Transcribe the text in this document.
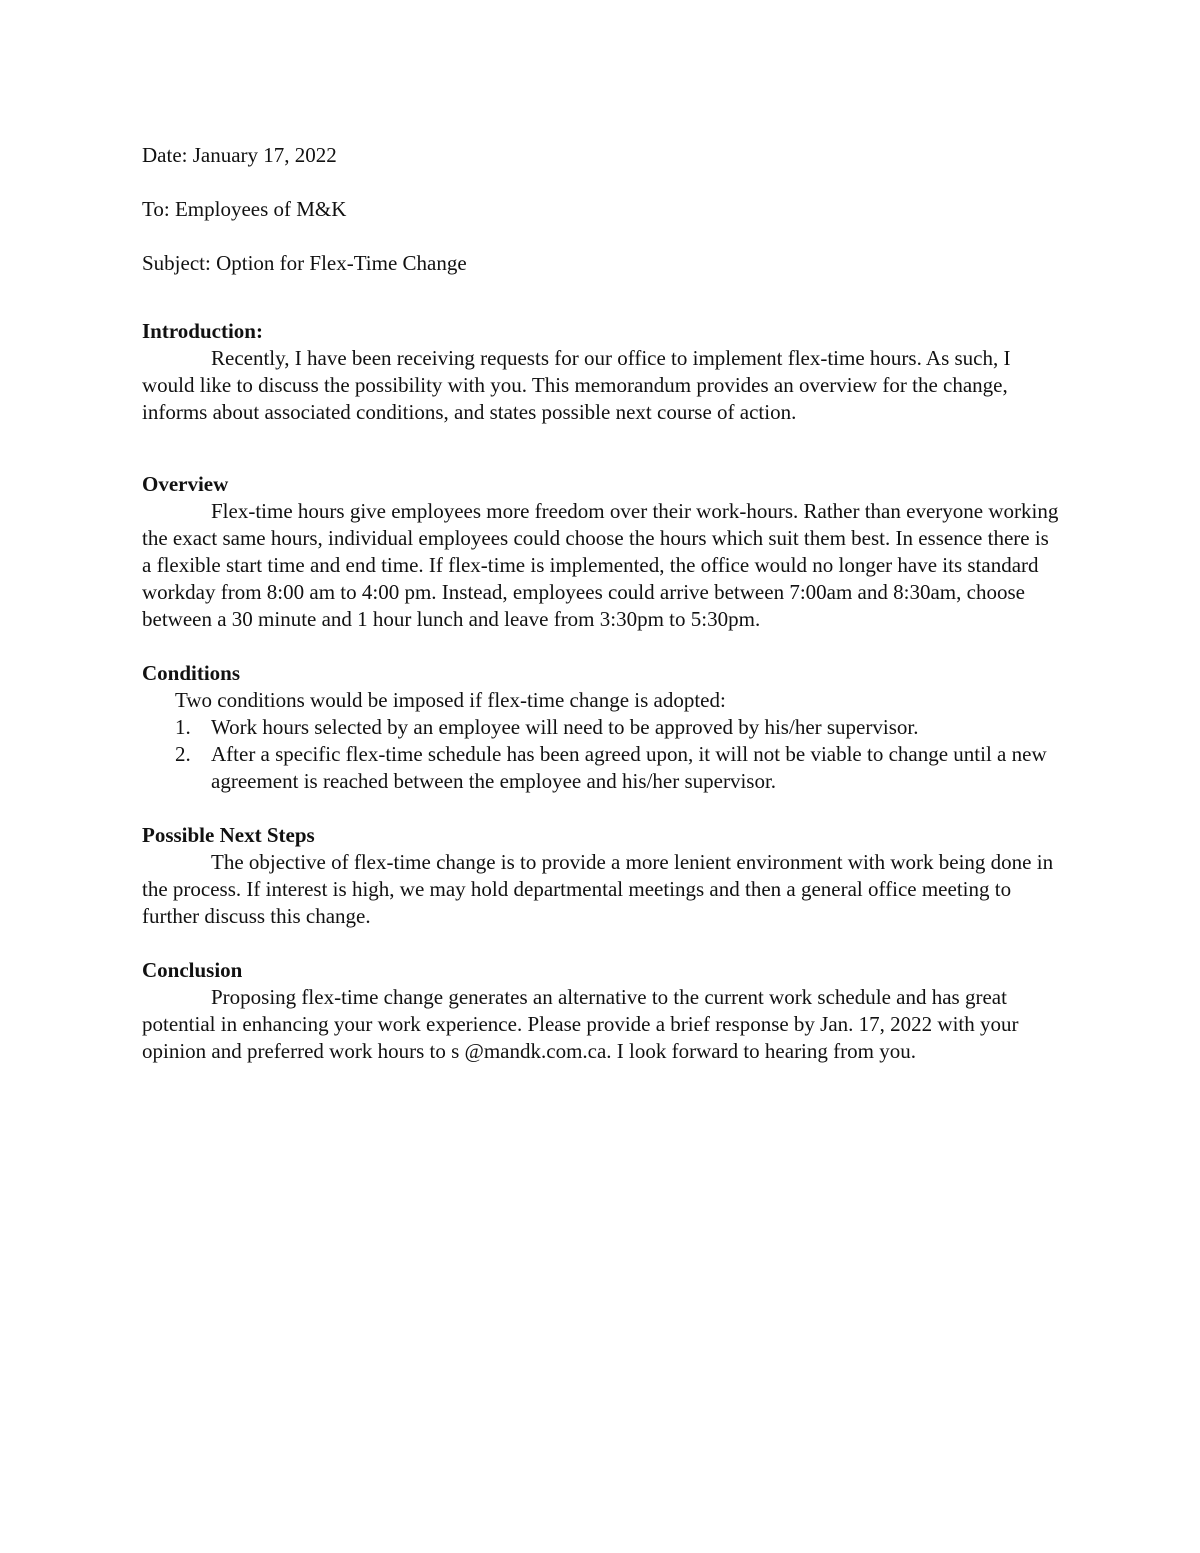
Date: January 17, 2022

To: Employees of M&K

Subject: Option for Flex-Time Change

Introduction:

Recently, I have been receiving requests for our office to implement flex-time hours. As such, I would like to discuss the possibility with you. This memorandum provides an overview for the change, informs about associated conditions, and states possible next course of action.

Overview

Flex-time hours give employees more freedom over their work-hours. Rather than everyone working the exact same hours, individual employees could choose the hours which suit them best. In essence there is a flexible start time and end time. If flex-time is implemented, the office would no longer have its standard workday from 8:00 am to 4:00 pm. Instead, employees could arrive between 7:00am and 8:30am, choose between a 30 minute and 1 hour lunch and leave from 3:30pm to 5:30pm.

Conditions

Two conditions would be imposed if flex-time change is adopted:

1. Work hours selected by an employee will need to be approved by his/her supervisor.
2. After a specific flex-time schedule has been agreed upon, it will not be viable to change until a new agreement is reached between the employee and his/her supervisor.

Possible Next Steps

The objective of flex-time change is to provide a more lenient environment with work being done in the process. If interest is high, we may hold departmental meetings and then a general office meeting to further discuss this change.

Conclusion

Proposing flex-time change generates an alternative to the current work schedule and has great potential in enhancing your work experience. Please provide a brief response by Jan. 17, 2022 with your opinion and preferred work hours to s @mandk.com.ca. I look forward to hearing from you.
